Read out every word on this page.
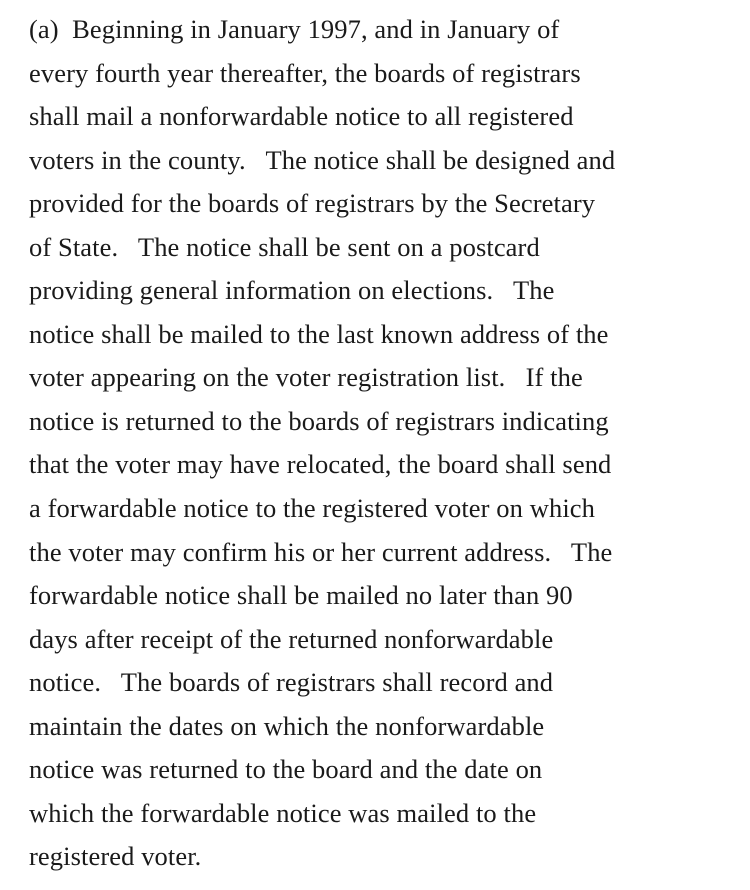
(a)  Beginning in January 1997, and in January of
every fourth year thereafter, the boards of registrars
shall mail a nonforwardable notice to all registered
voters in the county.   The notice shall be designed and
provided for the boards of registrars by the Secretary
of State.   The notice shall be sent on a postcard
providing general information on elections.   The
notice shall be mailed to the last known address of the
voter appearing on the voter registration list.   If the
notice is returned to the boards of registrars indicating
that the voter may have relocated, the board shall send
a forwardable notice to the registered voter on which
the voter may confirm his or her current address.   The
forwardable notice shall be mailed no later than 90
days after receipt of the returned nonforwardable
notice.   The boards of registrars shall record and
maintain the dates on which the nonforwardable
notice was returned to the board and the date on
which the forwardable notice was mailed to the
registered voter.
